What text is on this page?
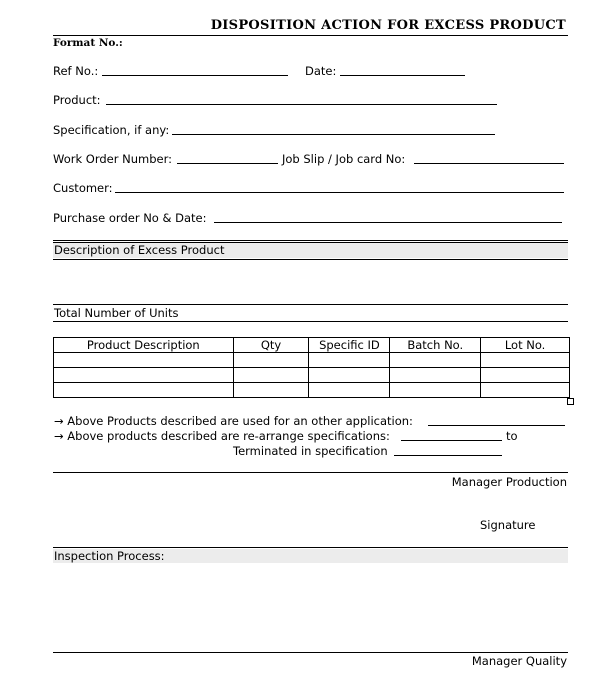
DISPOSITION ACTION FOR EXCESS PRODUCT
Format No.:
Ref No.:	Date:
Product:
Specification, if any:
Work Order Number:	Job Slip / Job card No:
Customer:
Purchase order No & Date:
Description of Excess Product
Total Number of Units
Product Description	Qty	Specific ID	Batch No.	Lot No.

→ Above Products described are used for an other application:
→ Above products described are re-arrange specifications:	to
Terminated in specification
Manager Production
Signature
Inspection Process:
Manager Quality
